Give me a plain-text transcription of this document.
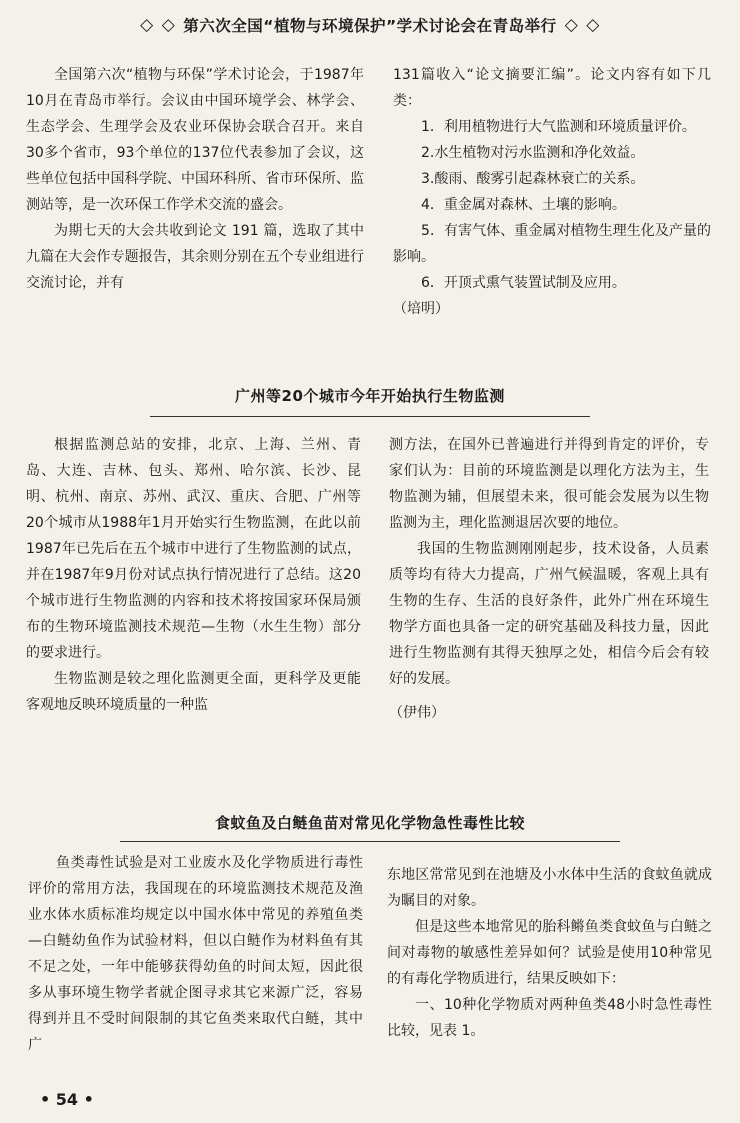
◇ ◇ 第六次全国“植物与环境保护”学术讨论会在青岛举行 ◇ ◇

全国第六次“植物与环保”学术讨论会，于1987年10月在青岛市举行。会议由中国环境学会、林学会、生态学会、生理学会及农业环保协会联合召开。来自30多个省市，93个单位的137位代表参加了会议，这些单位包括中国科学院、中国环科所、省市环保所、监测站等，是一次环保工作学术交流的盛会。

为期七天的大会共收到论文 191 篇，选取了其中九篇在大会作专题报告，其余则分别在五个专业组进行交流讨论，并有

131篇收入“论文摘要汇编”。论文内容有如下几类：

1．利用植物进行大气监测和环境质量评价。

2.水生植物对污水监测和净化效益。

3.酸雨、酸雾引起森林衰亡的关系。

4．重金属对森林、土壤的影响。

5．有害气体、重金属对植物生理生化及产量的影响。

6．开顶式熏气装置试制及应用。

（培明）

广州等20个城市今年开始执行生物监测

根据监测总站的安排，北京、上海、兰州、青岛、大连、吉林、包头、郑州、哈尔滨、长沙、昆明、杭州、南京、苏州、武汉、重庆、合肥、广州等20个城市从1988年1月开始实行生物监测，在此以前1987年已先后在五个城市中进行了生物监测的试点，并在1987年9月份对试点执行情况进行了总结。这20个城市进行生物监测的内容和技术将按国家环保局颁布的生物环境监测技术规范—生物（水生生物）部分的要求进行。

生物监测是较之理化监测更全面，更科学及更能客观地反映环境质量的一种监

测方法，在国外已普遍进行并得到肯定的评价，专家们认为：目前的环境监测是以理化方法为主，生物监测为辅，但展望未来，很可能会发展为以生物监测为主，理化监测退居次要的地位。

我国的生物监测刚刚起步，技术设备，人员素质等均有待大力提高，广州气候温暖，客观上具有生物的生存、生活的良好条件，此外广州在环境生物学方面也具备一定的研究基础及科技力量，因此进行生物监测有其得天独厚之处，相信今后会有较好的发展。

（伊伟）

食蚊鱼及白鲢鱼苗对常见化学物急性毒性比较

鱼类毒性试验是对工业废水及化学物质进行毒性评价的常用方法，我国现在的环境监测技术规范及渔业水体水质标准均规定以中国水体中常见的养殖鱼类—白鲢幼鱼作为试验材料，但以白鲢作为材料鱼有其不足之处，一年中能够获得幼鱼的时间太短，因此很多从事环境生物学者就企图寻求其它来源广泛，容易得到并且不受时间限制的其它鱼类来取代白鲢，其中广

东地区常常见到在池塘及小水体中生活的食蚊鱼就成为瞩目的对象。

但是这些本地常见的胎科鳉鱼类食蚊鱼与白鲢之间对毒物的敏感性差异如何？试验是使用10种常见的有毒化学物质进行，结果反映如下：

一、10种化学物质对两种鱼类48小时急性毒性比较，见表 1。

• 54 •
